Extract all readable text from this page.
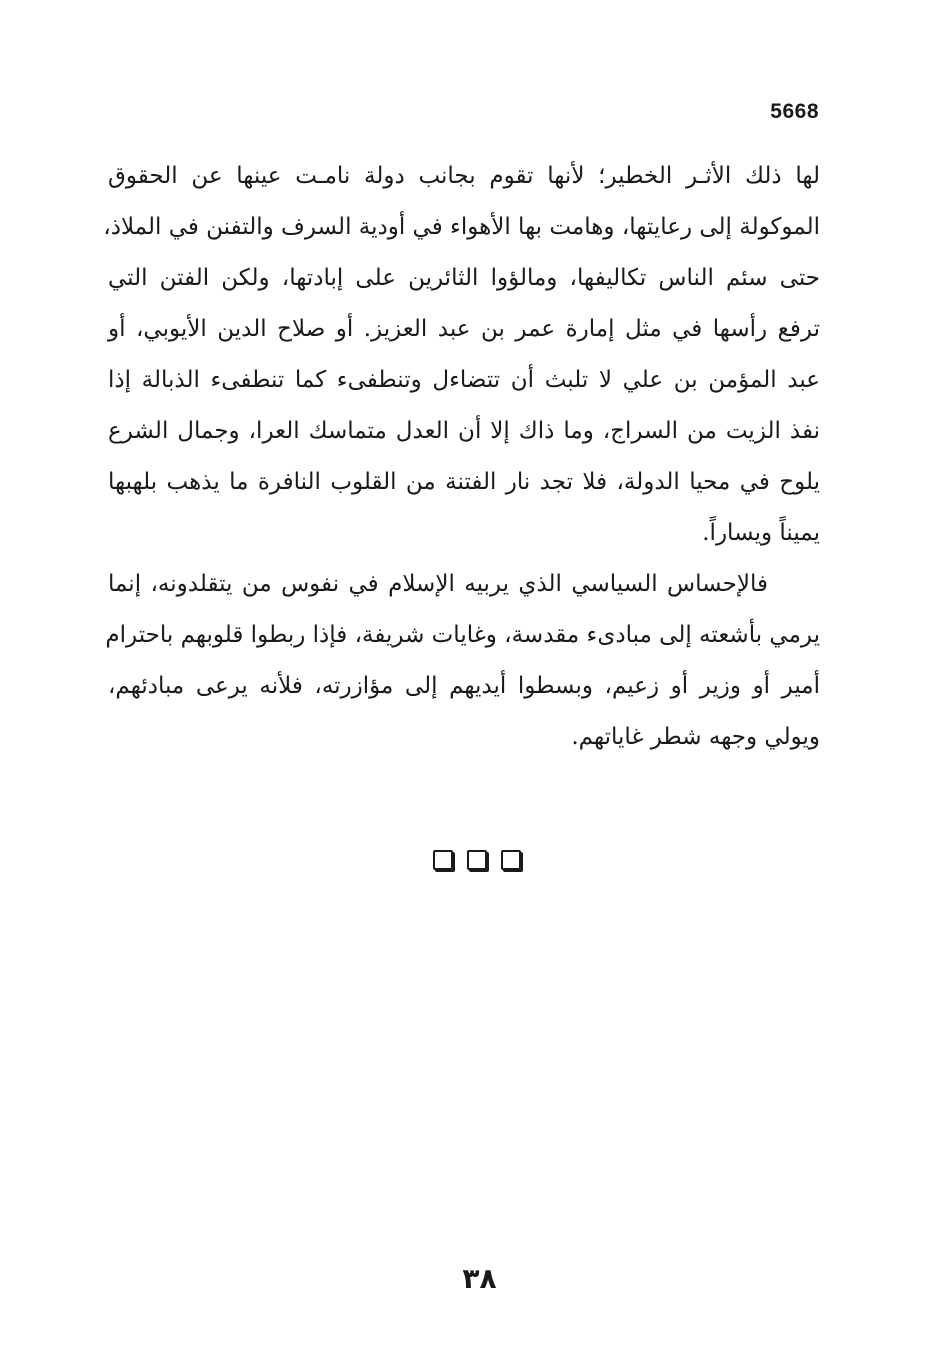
5668
لها ذلك الأثـر الخطير؛ لأنها تقوم بجانب دولة نامـت عينها عن الحقوق
الموكولة إلى رعايتها، وهامت بها الأهواء في أودية السرف والتفنن في الملاذ،
حتى سئم الناس تكاليفها، ومالؤوا الثائرين على إبادتها، ولكن الفتن التي
ترفع رأسها في مثل إمارة عمر بن عبد العزيز. أو صلاح الدين الأيوبي، أو
عبد المؤمن بن علي لا تلبث أن تتضاءل وتنطفىء كما تنطفىء الذبالة إذا
نفذ الزيت من السراج، وما ذاك إلا أن العدل متماسك العرا، وجمال الشرع
يلوح في محيا الدولة، فلا تجد نار الفتنة من القلوب النافرة ما يذهب بلهبها
يميناً ويساراً.
فالإحساس السياسي الذي يربيه الإسلام في نفوس من يتقلدونه، إنما
يرمي بأشعته إلى مبادىء مقدسة، وغايات شريفة، فإذا ربطوا قلوبهم باحترام
أمير أو وزير أو زعيم، وبسطوا أيديهم إلى مؤازرته، فلأنه يرعى مبادئهم،
ويولي وجهه شطر غاياتهم.
٣٨
